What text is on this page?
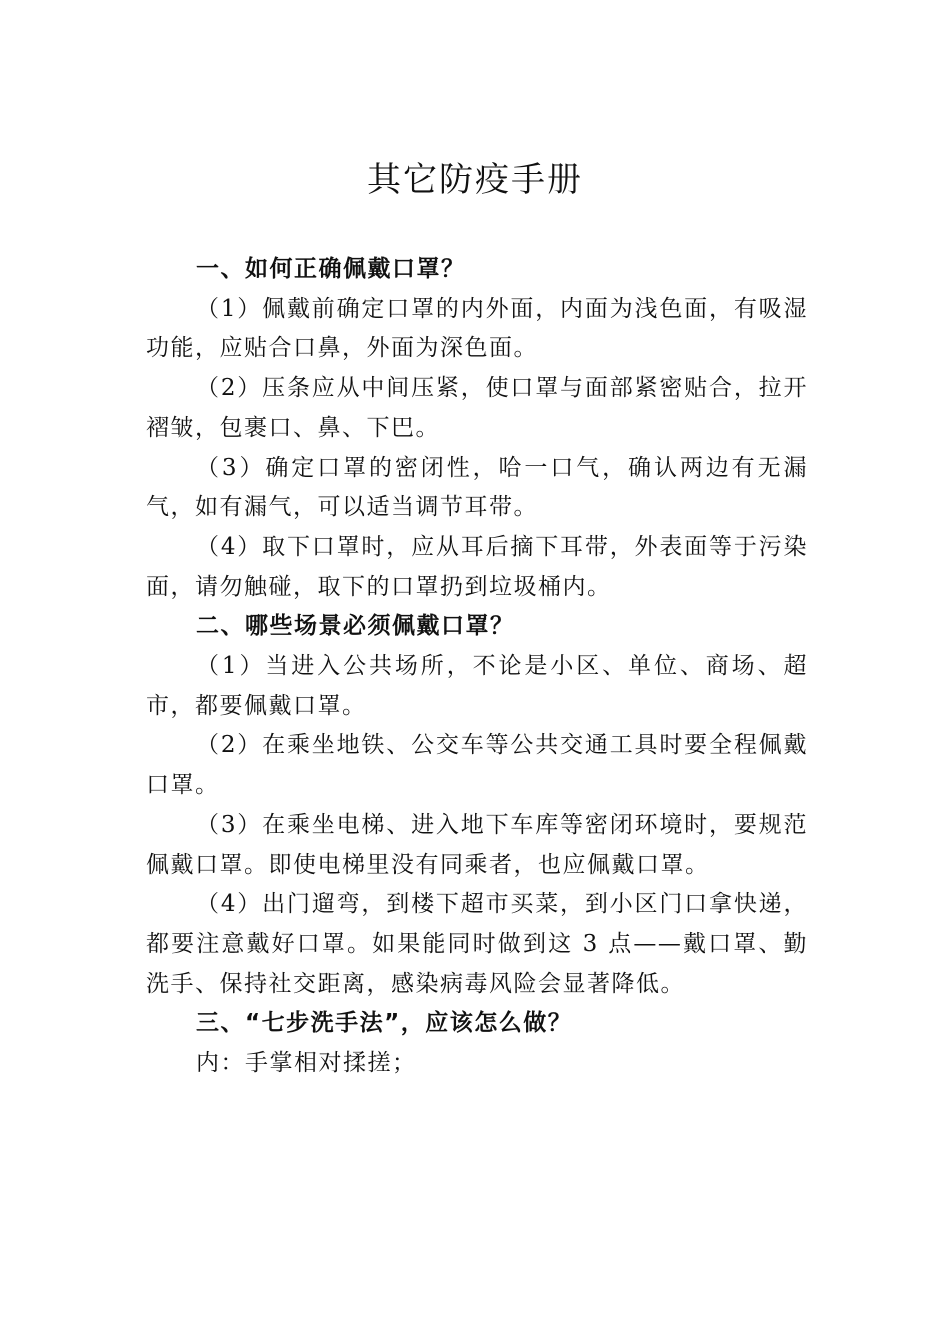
其它防疫手册

一、如何正确佩戴口罩？

（1）佩戴前确定口罩的内外面，内面为浅色面，有吸湿功能，应贴合口鼻，外面为深色面。

（2）压条应从中间压紧，使口罩与面部紧密贴合，拉开褶皱，包裹口、鼻、下巴。

（3）确定口罩的密闭性，哈一口气，确认两边有无漏气，如有漏气，可以适当调节耳带。

（4）取下口罩时，应从耳后摘下耳带，外表面等于污染面，请勿触碰，取下的口罩扔到垃圾桶内。

二、哪些场景必须佩戴口罩？

（1）当进入公共场所，不论是小区、单位、商场、超市，都要佩戴口罩。

（2）在乘坐地铁、公交车等公共交通工具时要全程佩戴口罩。

（3）在乘坐电梯、进入地下车库等密闭环境时，要规范佩戴口罩。即使电梯里没有同乘者，也应佩戴口罩。

（4）出门遛弯，到楼下超市买菜，到小区门口拿快递，都要注意戴好口罩。如果能同时做到这 3 点——戴口罩、勤洗手、保持社交距离，感染病毒风险会显著降低。

三、“七步洗手法”，应该怎么做？

内：手掌相对揉搓；
